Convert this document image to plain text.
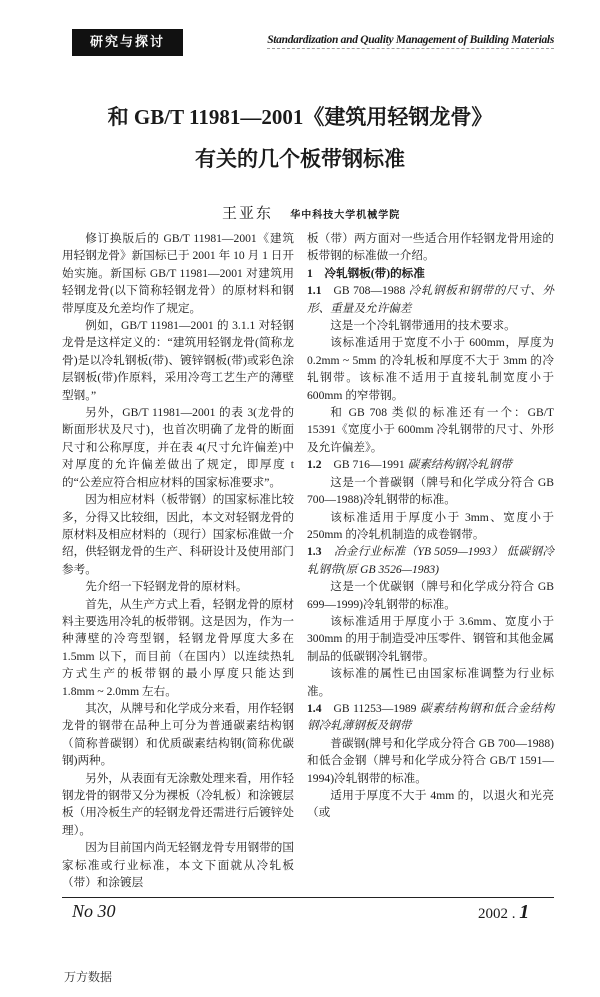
研究与探讨	Standardization and Quality Management of Building Materials
和 GB/T 11981—2001《建筑用轻钢龙骨》
有关的几个板带钢标准
王亚东 华中科技大学机械学院

修订换版后的 GB/T 11981—2001《建筑用轻钢龙骨》新国标已于 2001 年 10 月 1 日开始实施。新国标 GB/T 11981—2001 对建筑用轻钢龙骨(以下简称轻钢龙骨）的原材料和钢带厚度及允差均作了规定。

例如，GB/T 11981—2001 的 3.1.1 对轻钢龙骨是这样定义的：“建筑用轻钢龙骨(简称龙骨)是以冷轧钢板(带)、镀锌钢板(带)或彩色涂层钢板(带)作原料，采用冷弯工艺生产的薄壁型钢。”

另外，GB/T 11981—2001 的表 3(龙骨的断面形状及尺寸)，也首次明确了龙骨的断面尺寸和公称厚度，并在表 4(尺寸允许偏差)中对厚度的允许偏差做出了规定，即厚度 t 的“公差应符合相应材料的国家标准要求”。

因为相应材料（板带钢）的国家标准比较多，分得又比较细，因此，本文对轻钢龙骨的原材料及相应材料的（现行）国家标准做一介绍，供轻钢龙骨的生产、科研设计及使用部门参考。

先介绍一下轻钢龙骨的原材料。

首先，从生产方式上看，轻钢龙骨的原材料主要选用冷轧的板带钢。这是因为，作为一种薄壁的冷弯型钢，轻钢龙骨厚度大多在 1.5mm 以下，而目前（在国内）以连续热轧方式生产的板带钢的最小厚度只能达到 1.8mm ~ 2.0mm 左右。

其次，从牌号和化学成分来看，用作轻钢龙骨的钢带在品种上可分为普通碳素结构钢（简称普碳钢）和优质碳素结构钢(简称优碳钢)两种。

另外，从表面有无涂敷处理来看，用作轻钢龙骨的钢带又分为裸板（冷轧板）和涂镀层板（用冷板生产的轻钢龙骨还需进行后镀锌处理）。

因为目前国内尚无轻钢龙骨专用钢带的国家标准或行业标准，本文下面就从冷轧板（带）和涂镀层

板（带）两方面对一些适合用作轻钢龙骨用途的板带钢的标准做一介绍。

1　冷轧钢板(带)的标准
1.1 GB 708—1988 冷轧钢板和钢带的尺寸、外形、重量及允许偏差

这是一个冷轧钢带通用的技术要求。

该标准适用于宽度不小于 600mm，厚度为 0.2mm ~ 5mm 的冷轧板和厚度不大于 3mm 的冷轧钢带。该标准不适用于直接轧制宽度小于 600mm 的窄带钢。

和 GB 708 类似的标准还有一个：GB/T 15391《宽度小于 600mm 冷轧钢带的尺寸、外形及允许偏差》。

1.2 GB 716—1991 碳素结构钢冷轧钢带

这是一个普碳钢（牌号和化学成分符合 GB 700—1988)冷轧钢带的标准。

该标准适用于厚度小于 3mm、宽度小于 250mm 的冷轧机制造的成卷钢带。

1.3 冶金行业标准（YB 5059—1993） 低碳钢冷轧钢带(原 GB 3526—1983)

这是一个优碳钢（牌号和化学成分符合 GB 699—1999)冷轧钢带的标准。

该标准适用于厚度小于 3.6mm、宽度小于 300mm 的用于制造受冲压零件、钢管和其他金属制品的低碳钢冷轧钢带。

该标准的属性已由国家标准调整为行业标准。

1.4 GB 11253—1989 碳素结构钢和低合金结构钢冷轧薄钢板及钢带

普碳钢(牌号和化学成分符合 GB 700—1988)和低合金钢（牌号和化学成分符合 GB/T 1591—1994)冷轧钢带的标准。

适用于厚度不大于 4mm 的，以退火和光亮（或

No 30	2002 . 1
万方数据
